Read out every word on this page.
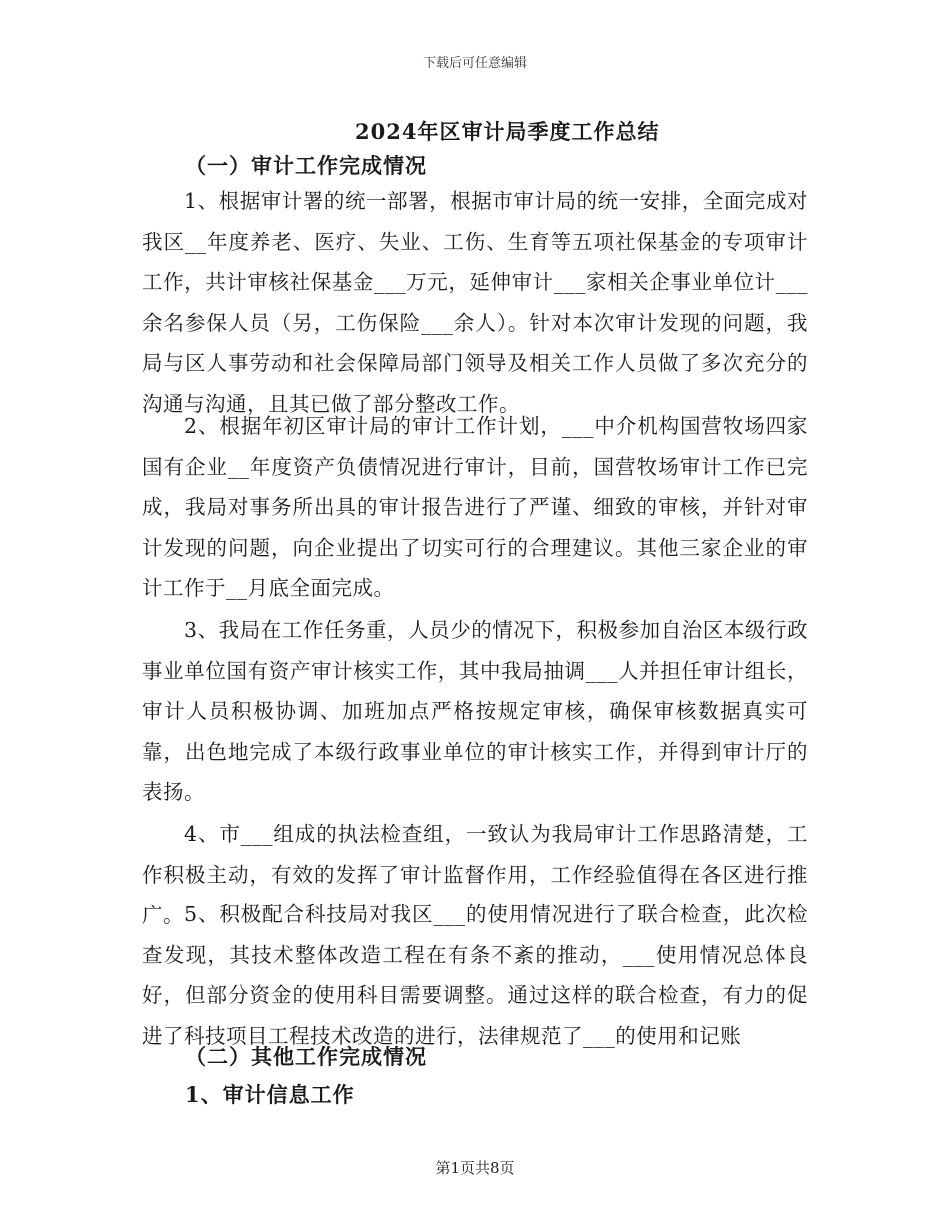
下载后可任意编辑
2024年区审计局季度工作总结
（一）审计工作完成情况
1、根据审计署的统一部署，根据市审计局的统一安排，全面完成对我区__年度养老、医疗、失业、工伤、生育等五项社保基金的专项审计工作，共计审核社保基金___万元，延伸审计___家相关企事业单位计___余名参保人员（另，工伤保险___余人）。针对本次审计发现的问题，我局与区人事劳动和社会保障局部门领导及相关工作人员做了多次充分的沟通与沟通，且其已做了部分整改工作。
2、根据年初区审计局的审计工作计划，___中介机构国营牧场四家国有企业__年度资产负债情况进行审计，目前，国营牧场审计工作已完成，我局对事务所出具的审计报告进行了严谨、细致的审核，并针对审计发现的问题，向企业提出了切实可行的合理建议。其他三家企业的审计工作于__月底全面完成。
3、我局在工作任务重，人员少的情况下，积极参加自治区本级行政事业单位国有资产审计核实工作，其中我局抽调___人并担任审计组长，审计人员积极协调、加班加点严格按规定审核，确保审核数据真实可靠，出色地完成了本级行政事业单位的审计核实工作，并得到审计厅的表扬。
4、市___组成的执法检查组，一致认为我局审计工作思路清楚，工作积极主动，有效的发挥了审计监督作用，工作经验值得在各区进行推广。 5、积极配合科技局对我区___的使用情况进行了联合检查，此次检查发现，其技术整体改造工程在有条不紊的推动，___使用情况总体良好，但部分资金的使用科目需要调整。通过这样的联合检查，有力的促进了科技项目工程技术改造的进行，法律规范了___的使用和记账
（二）其他工作完成情况
1、审计信息工作
第1页共8页
